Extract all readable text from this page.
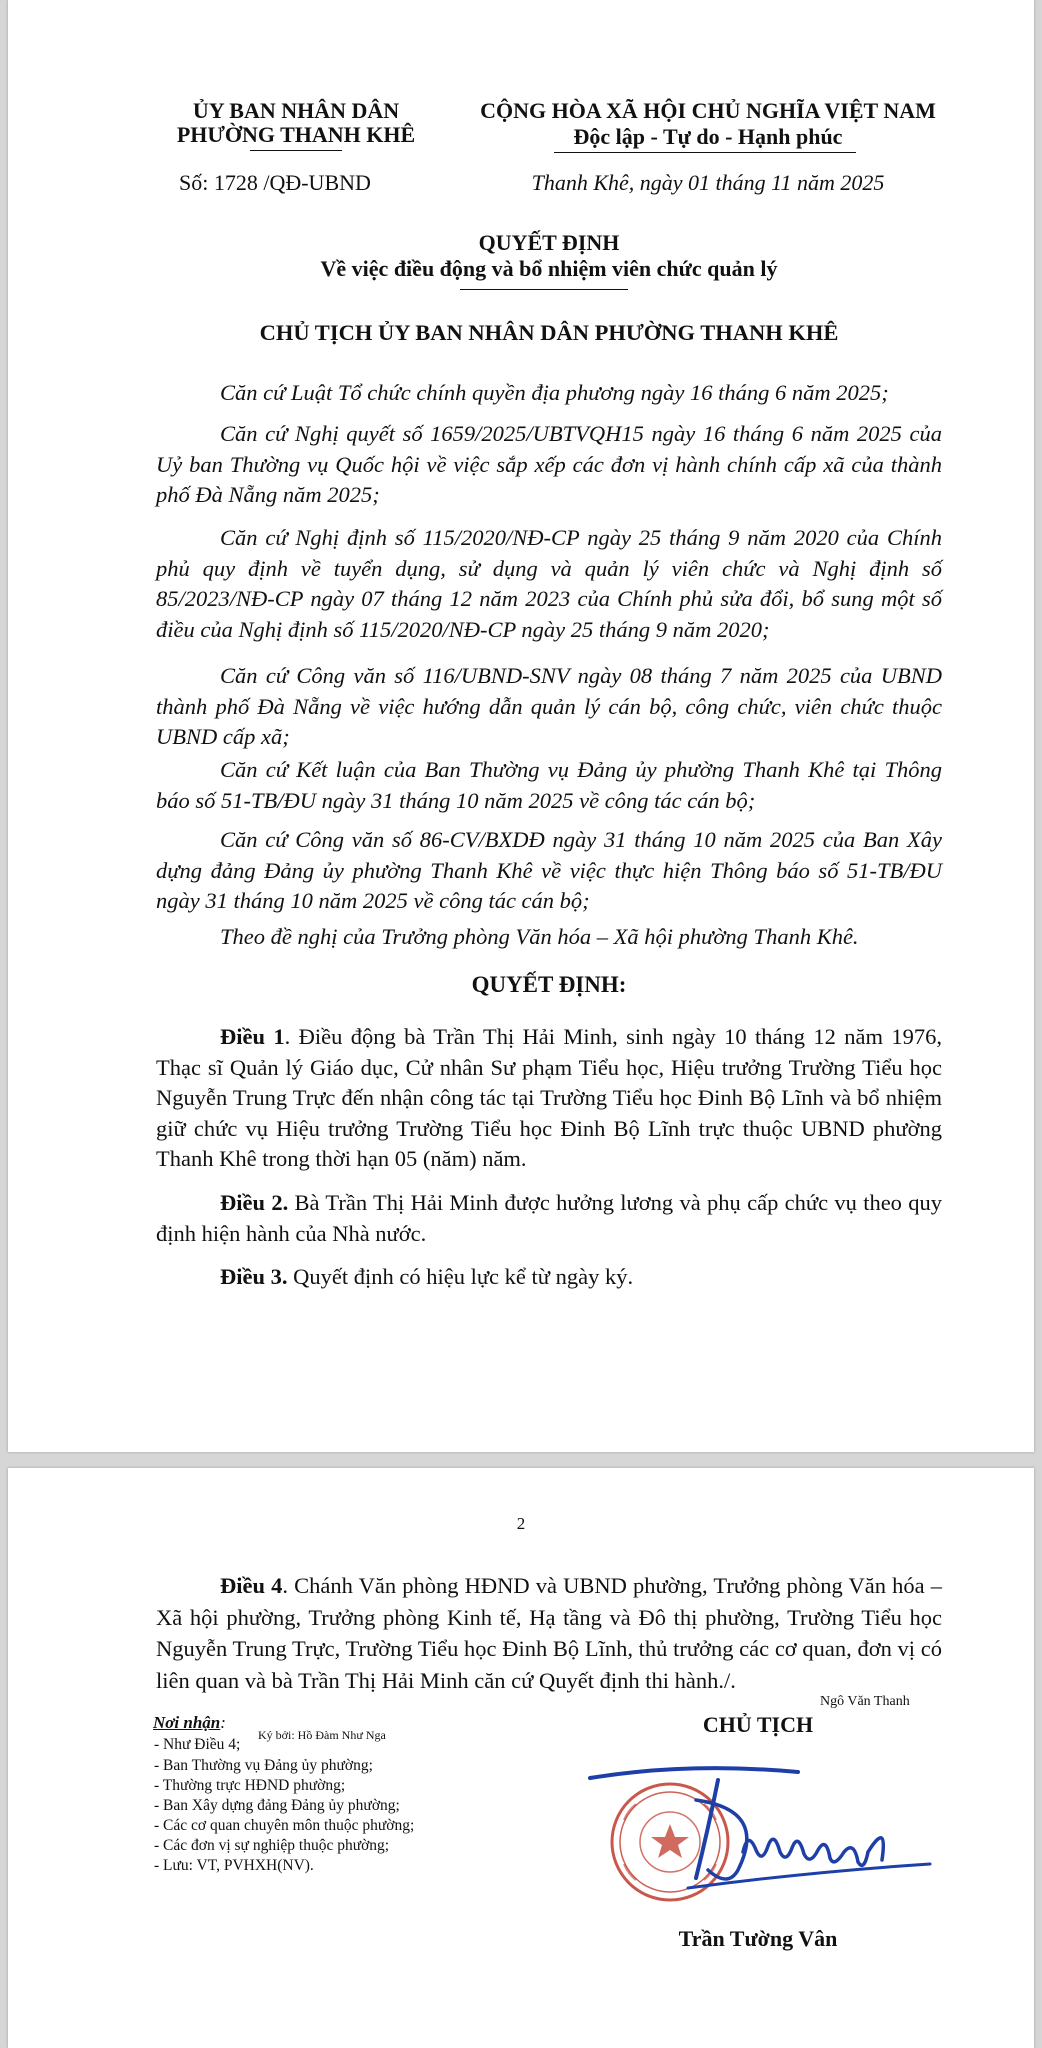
ỦY BAN NHÂN DÂN
PHƯỜNG THANH KHÊ
Số: 1728 /QĐ-UBND
CỘNG HÒA XÃ HỘI CHỦ NGHĨA VIỆT NAM
Độc lập - Tự do - Hạnh phúc
Thanh Khê, ngày 01 tháng 11 năm 2025
QUYẾT ĐỊNH
Về việc điều động và bổ nhiệm viên chức quản lý
CHỦ TỊCH ỦY BAN NHÂN DÂN PHƯỜNG THANH KHÊ
Căn cứ Luật Tổ chức chính quyền địa phương ngày 16 tháng 6 năm 2025;
Căn cứ Nghị quyết số 1659/2025/UBTVQH15 ngày 16 tháng 6 năm 2025 của Uỷ ban Thường vụ Quốc hội về việc sắp xếp các đơn vị hành chính cấp xã của thành phố Đà Nẵng năm 2025;
Căn cứ Nghị định số 115/2020/NĐ-CP ngày 25 tháng 9 năm 2020 của Chính phủ quy định về tuyển dụng, sử dụng và quản lý viên chức và Nghị định số 85/2023/NĐ-CP ngày 07 tháng 12 năm 2023 của Chính phủ sửa đổi, bổ sung một số điều của Nghị định số 115/2020/NĐ-CP ngày 25 tháng 9 năm 2020;
Căn cứ Công văn số 116/UBND-SNV ngày 08 tháng 7 năm 2025 của UBND thành phố Đà Nẵng về việc hướng dẫn quản lý cán bộ, công chức, viên chức thuộc UBND cấp xã;
Căn cứ Kết luận của Ban Thường vụ Đảng ủy phường Thanh Khê tại Thông báo số 51-TB/ĐU ngày 31 tháng 10 năm 2025 về công tác cán bộ;
Căn cứ Công văn số 86-CV/BXDĐ ngày 31 tháng 10 năm 2025 của Ban Xây dựng đảng Đảng ủy phường Thanh Khê về việc thực hiện Thông báo số 51-TB/ĐU ngày 31 tháng 10 năm 2025 về công tác cán bộ;
Theo đề nghị của Trưởng phòng Văn hóa – Xã hội phường Thanh Khê.
QUYẾT ĐỊNH:
Điều 1. Điều động bà Trần Thị Hải Minh, sinh ngày 10 tháng 12 năm 1976, Thạc sĩ Quản lý Giáo dục, Cử nhân Sư phạm Tiểu học, Hiệu trưởng Trường Tiểu học Nguyễn Trung Trực đến nhận công tác tại Trường Tiểu học Đinh Bộ Lĩnh và bổ nhiệm giữ chức vụ Hiệu trưởng Trường Tiểu học Đinh Bộ Lĩnh trực thuộc UBND phường Thanh Khê trong thời hạn 05 (năm) năm.
Điều 2. Bà Trần Thị Hải Minh được hưởng lương và phụ cấp chức vụ theo quy định hiện hành của Nhà nước.
Điều 3. Quyết định có hiệu lực kể từ ngày ký.
2
Điều 4. Chánh Văn phòng HĐND và UBND phường, Trưởng phòng Văn hóa – Xã hội phường, Trưởng phòng Kinh tế, Hạ tầng và Đô thị phường, Trường Tiểu học Nguyễn Trung Trực, Trường Tiểu học Đinh Bộ Lĩnh, thủ trưởng các cơ quan, đơn vị có liên quan và bà Trần Thị Hải Minh căn cứ Quyết định thi hành./.
Nơi nhận:
- Như Điều 4;
- Ban Thường vụ Đảng ủy phường;
- Thường trực HĐND phường;
- Ban Xây dựng đảng Đảng ủy phường;
- Các cơ quan chuyên môn thuộc phường;
- Các đơn vị sự nghiệp thuộc phường;
- Lưu: VT, PVHXH(NV).
Ký bởi: Hồ Đàm Như Nga
Ngô Văn Thanh
CHỦ TỊCH
Trần Tường Vân
